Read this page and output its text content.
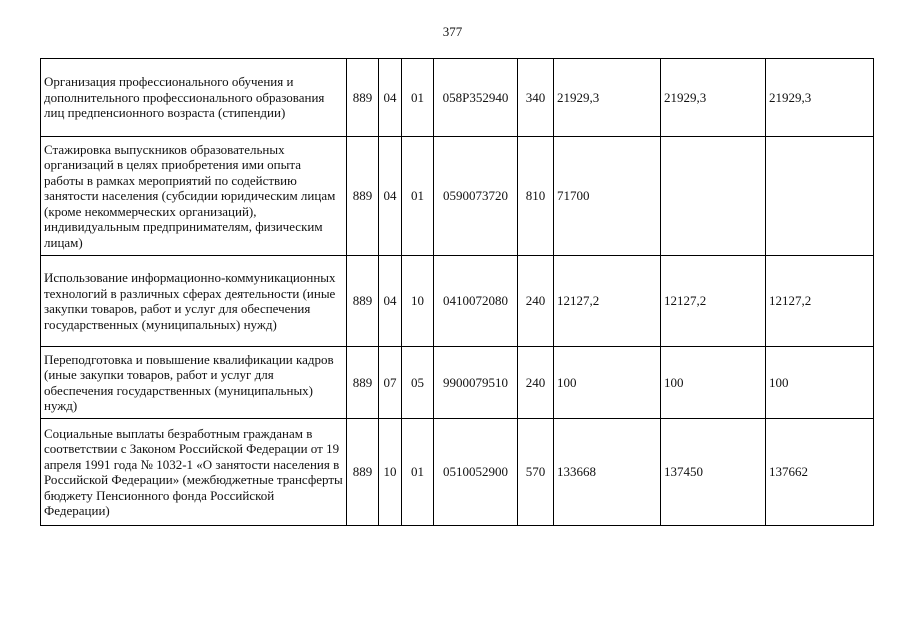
377
Организация профессионального обучения и дополнительного профессионального образования лиц предпенсионного возраста (стипендии)	889	04	01	058P352940	340	21929,3	21929,3	21929,3
Стажировка выпускников образовательных организаций в целях приобретения ими опыта работы в рамках мероприятий по содействию занятости населения (субсидии юридическим лицам (кроме некоммерческих организаций), индивидуальным предпринимателям, физическим лицам)	889	04	01	0590073720	810	71700		
Использование информационно-коммуникационных технологий в различных сферах деятельности (иные закупки товаров, работ и услуг для обеспечения государственных (муниципальных) нужд)	889	04	10	0410072080	240	12127,2	12127,2	12127,2
Переподготовка и повышение квалификации кадров (иные закупки товаров, работ и услуг для обеспечения государственных (муниципальных) нужд)	889	07	05	9900079510	240	100	100	100
Социальные выплаты безработным гражданам в соответствии с Законом Российской Федерации от 19 апреля 1991 года № 1032-1 «О занятости населения в Российской Федерации» (межбюджетные трансферты бюджету Пенсионного фонда Российской Федерации)	889	10	01	0510052900	570	133668	137450	137662
